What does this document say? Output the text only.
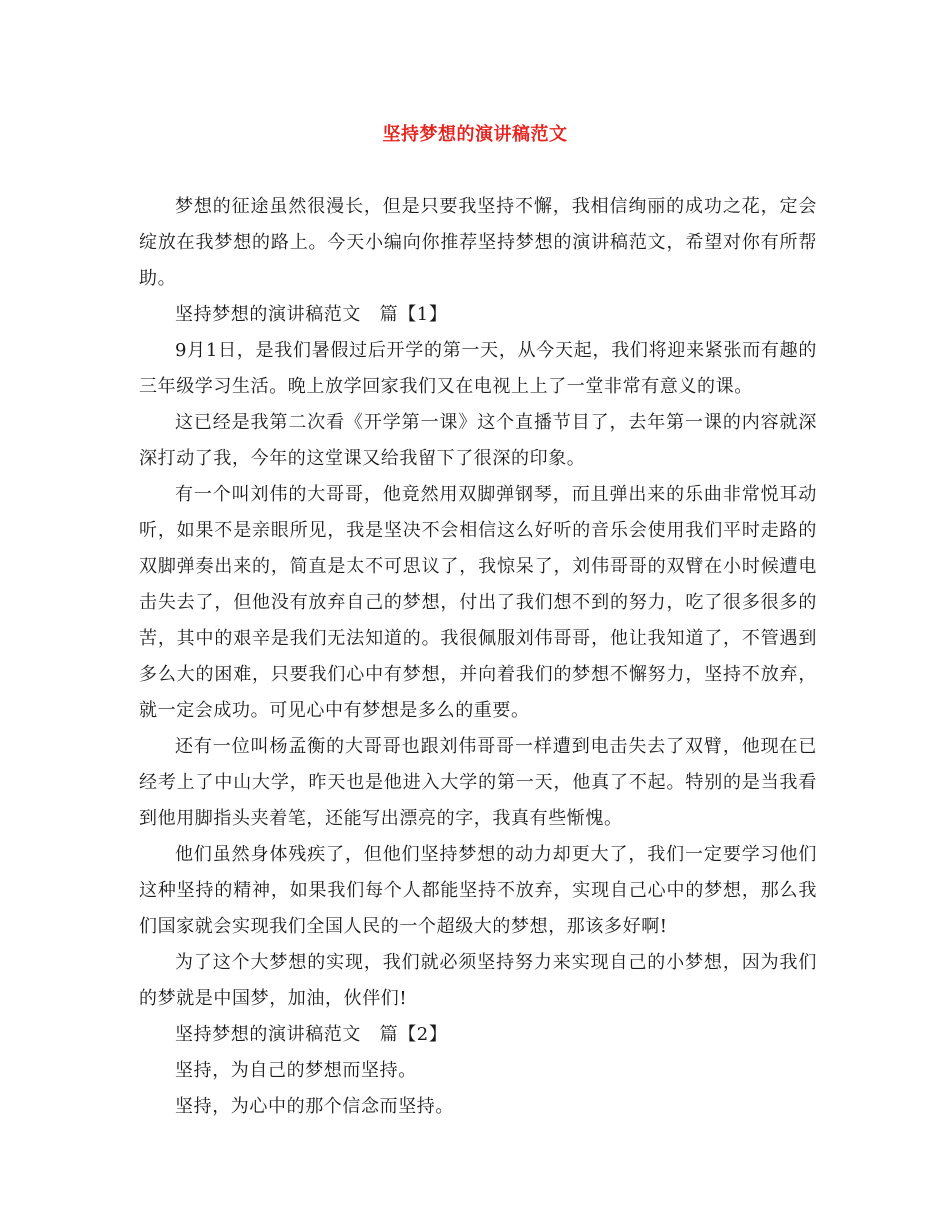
坚持梦想的演讲稿范文

梦想的征途虽然很漫长，但是只要我坚持不懈，我相信绚丽的成功之花，定会绽放在我梦想的路上。今天小编向你推荐坚持梦想的演讲稿范文，希望对你有所帮助。

坚持梦想的演讲稿范文　篇【1】

9月1日，是我们暑假过后开学的第一天，从今天起，我们将迎来紧张而有趣的三年级学习生活。晚上放学回家我们又在电视上上了一堂非常有意义的课。

这已经是我第二次看《开学第一课》这个直播节目了，去年第一课的内容就深深打动了我，今年的这堂课又给我留下了很深的印象。

有一个叫刘伟的大哥哥，他竟然用双脚弹钢琴，而且弹出来的乐曲非常悦耳动听，如果不是亲眼所见，我是坚决不会相信这么好听的音乐会使用我们平时走路的双脚弹奏出来的，简直是太不可思议了，我惊呆了，刘伟哥哥的双臂在小时候遭电击失去了，但他没有放弃自己的梦想，付出了我们想不到的努力，吃了很多很多的苦，其中的艰辛是我们无法知道的。我很佩服刘伟哥哥，他让我知道了，不管遇到多么大的困难，只要我们心中有梦想，并向着我们的梦想不懈努力，坚持不放弃，就一定会成功。可见心中有梦想是多么的重要。

还有一位叫杨孟衡的大哥哥也跟刘伟哥哥一样遭到电击失去了双臂，他现在已经考上了中山大学，昨天也是他进入大学的第一天，他真了不起。特别的是当我看到他用脚指头夹着笔，还能写出漂亮的字，我真有些惭愧。

他们虽然身体残疾了，但他们坚持梦想的动力却更大了，我们一定要学习他们这种坚持的精神，如果我们每个人都能坚持不放弃，实现自己心中的梦想，那么我们国家就会实现我们全国人民的一个超级大的梦想，那该多好啊!

为了这个大梦想的实现，我们就必须坚持努力来实现自己的小梦想，因为我们的梦就是中国梦，加油，伙伴们!

坚持梦想的演讲稿范文　篇【2】

坚持，为自己的梦想而坚持。

坚持，为心中的那个信念而坚持。
